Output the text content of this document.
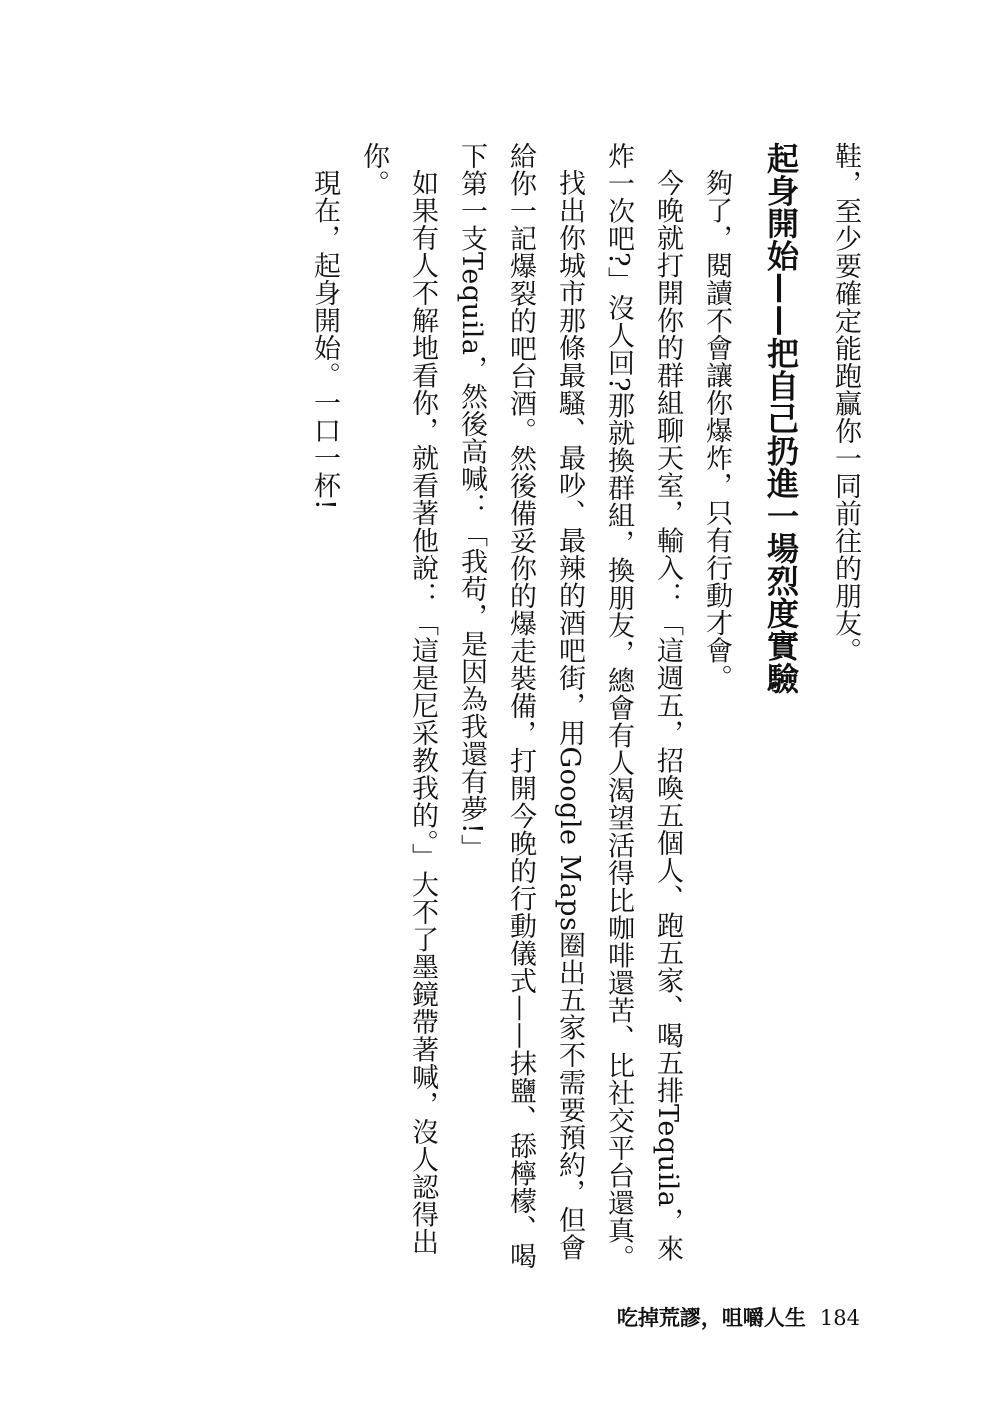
鞋，至少要確定能跑贏你一同前往的朋友。

起身開始——把自己扔進一場烈度實驗

夠了，閱讀不會讓你爆炸，只有行動才會。

今晚就打開你的群組聊天室，輸入：「這週五，招喚五個人、跑五家、喝五排Tequila，來炸一次吧?」沒人回?那就換群組，換朋友，總會有人渴望活得比咖啡還苦、比社交平台還真。

找出你城市那條最騷、最吵、最辣的酒吧街，用Google Maps圈出五家不需要預約，但會給你一記爆裂的吧台酒。然後備妥你的爆走裝備，打開今晚的行動儀式——抹鹽、舔檸檬、喝下第一支Tequila，然後高喊：「我苟，是因為我還有夢!」

如果有人不解地看你，就看著他說：「這是尼采教我的。」大不了墨鏡帶著喊，沒人認得出你。

現在，起身開始。一口一杯!

吃掉荒謬，咀嚼人生 184
